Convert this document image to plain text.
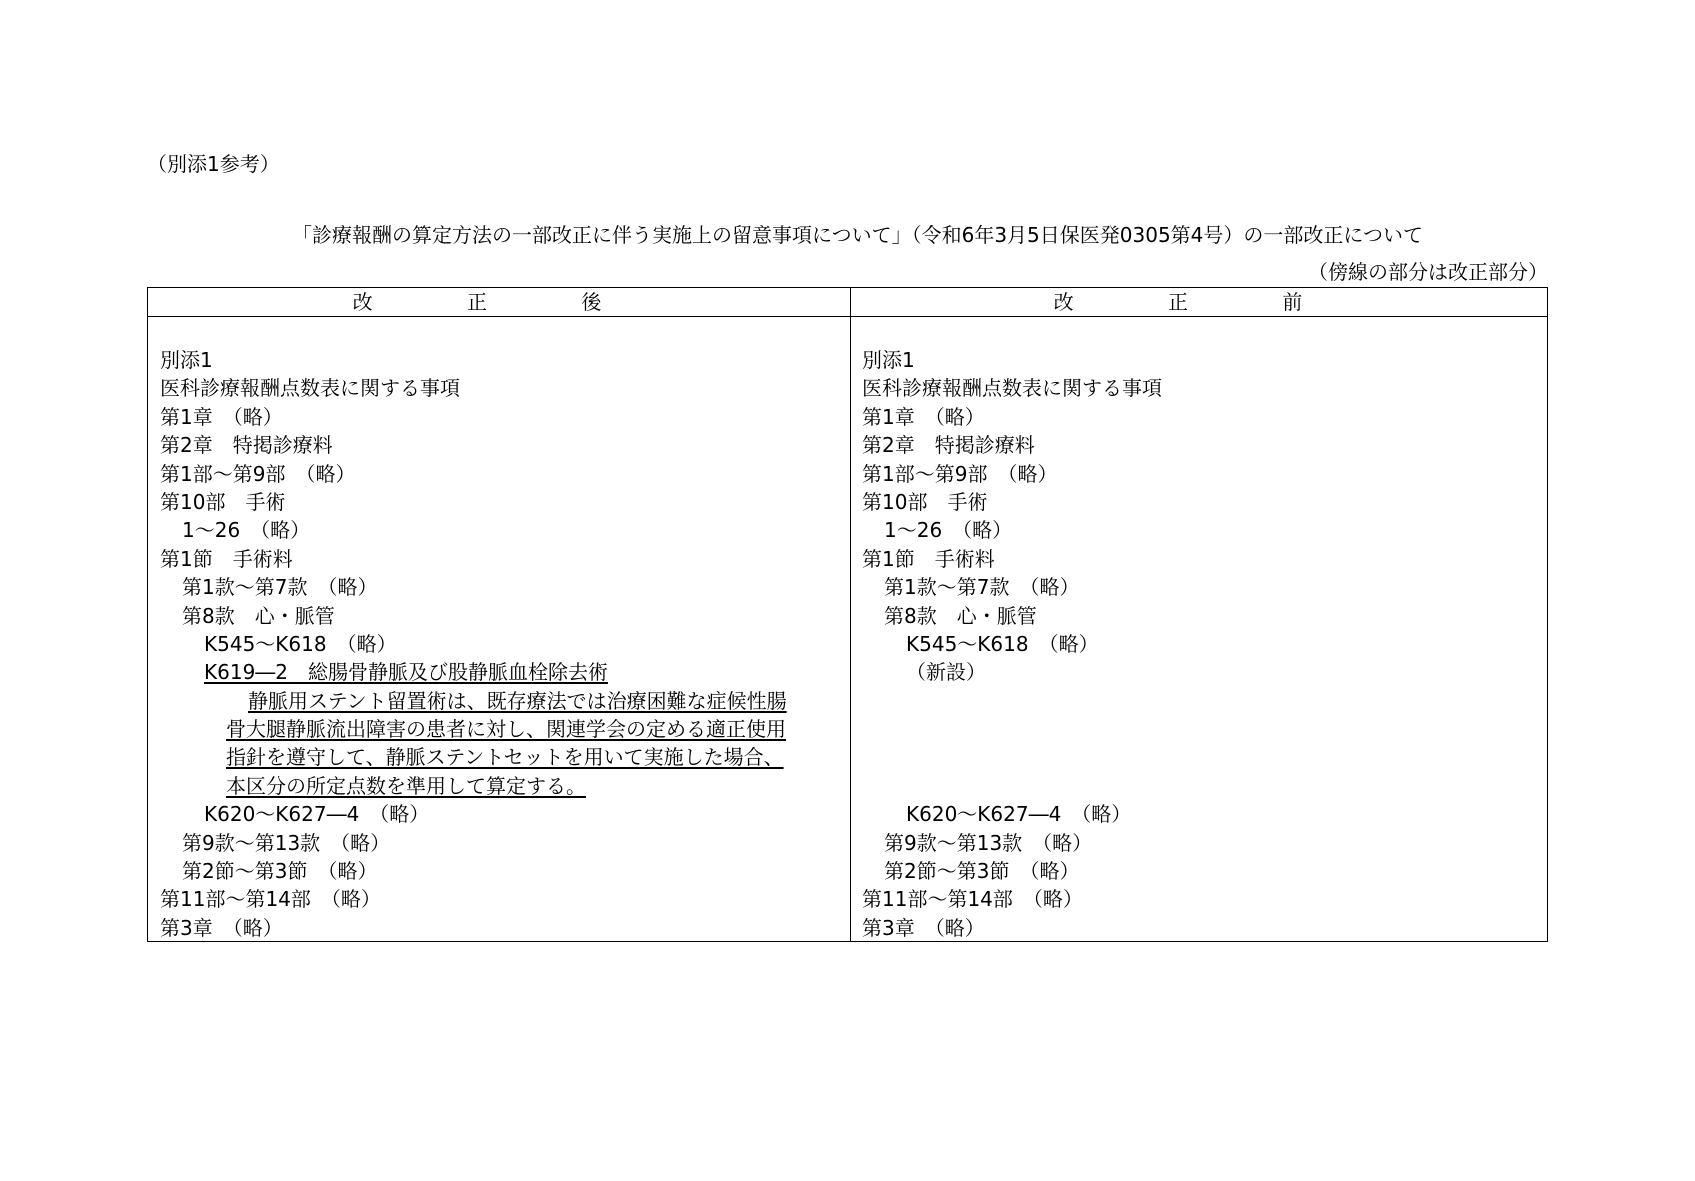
（別添1参考）
「診療報酬の算定方法の一部改正に伴う実施上の留意事項について」（令和6年3月5日保医発0305第4号）の一部改正について
（傍線の部分は改正部分）
改 正 後	改 正 前
別添1
医科診療報酬点数表に関する事項
第1章　（略）
第2章　特掲診療料
第1部～第9部　（略）
第10部　手術
1～26　（略）
第1節　手術料
第1款～第7款　（略）
第8款　心・脈管
K545～K618　（略）
K619―2　総腸骨静脈及び股静脈血栓除去術
静脈用ステント留置術は、既存療法では治療困難な症候性腸
骨大腿静脈流出障害の患者に対し、関連学会の定める適正使用
指針を遵守して、静脈ステントセットを用いて実施した場合、
本区分の所定点数を準用して算定する。
K620～K627―4　（略）
第9款～第13款　（略）
第2節～第3節　（略）
第11部～第14部　（略）
第3章　（略）
別添1
医科診療報酬点数表に関する事項
第1章　（略）
第2章　特掲診療料
第1部～第9部　（略）
第10部　手術
1～26　（略）
第1節　手術料
第1款～第7款　（略）
第8款　心・脈管
K545～K618　（略）
（新設）
K620～K627―4　（略）
第9款～第13款　（略）
第2節～第3節　（略）
第11部～第14部　（略）
第3章　（略）
